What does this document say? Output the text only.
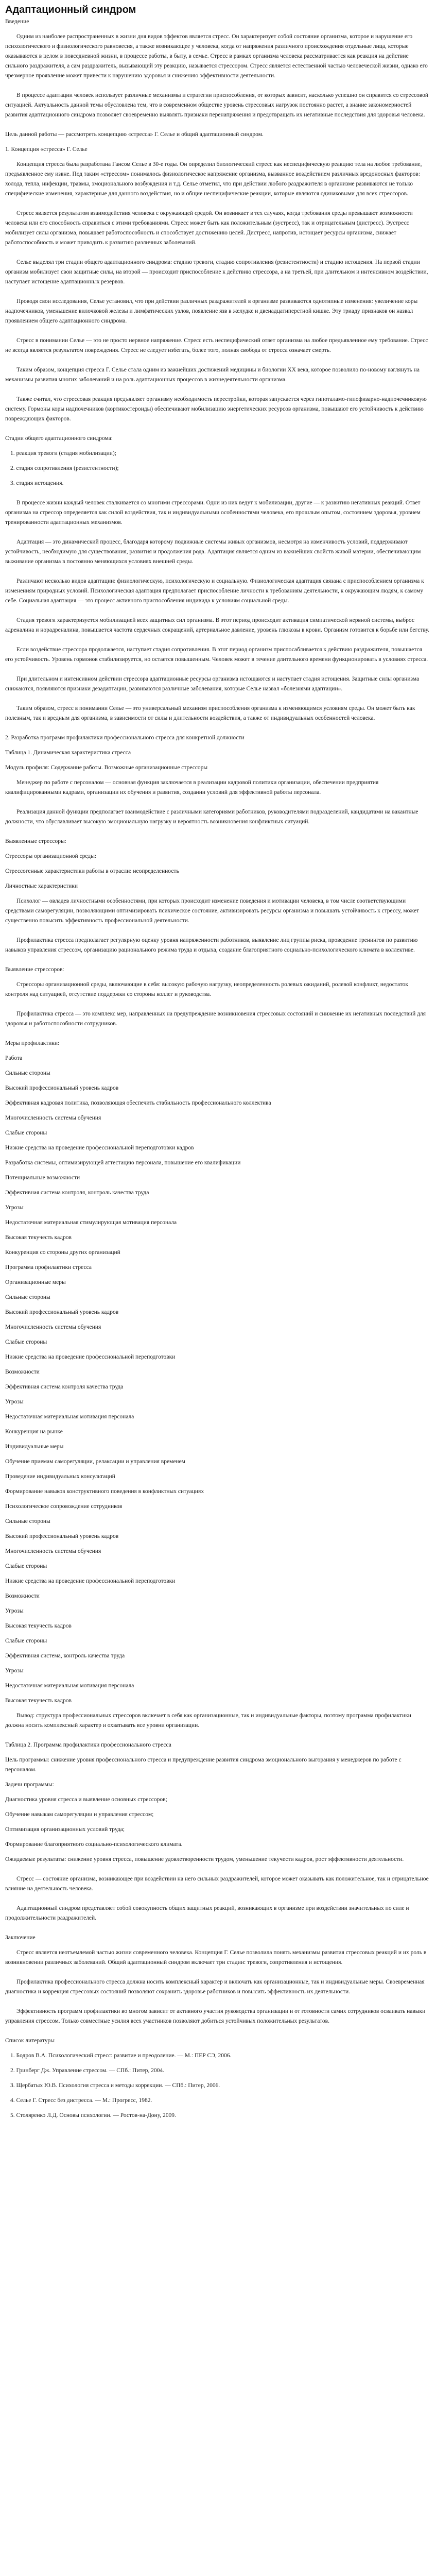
Адаптационный синдром

Введение

Одним из наиболее распространенных в жизни дня видов эффектов является стресс. Он характеризует собой состояние организма, которое и нарушение его психологического и физиологического равновесия, а также возникающее у человека, когда от напряжения различного происхождения отдельные лица, которые оказываются в целом в повседневной жизни, в процессе работы, в быту, в семье. Стресс в рамках организма человека рассматривается как реакция на действие сильного раздражителя, а сам раздражитель, вызывающий эту реакцию, называется стрессором. Стресс является естественной частью человеческой жизни, однако его чрезмерное проявление может привести к нарушению здоровья и снижению эффективности деятельности.

В процессе адаптации человек использует различные механизмы и стратегии приспособления, от которых зависит, насколько успешно он справится со стрессовой ситуацией. Актуальность данной темы обусловлена тем, что в современном обществе уровень стрессовых нагрузок постоянно растет, а знание закономерностей развития адаптационного синдрома позволяет своевременно выявлять признаки перенапряжения и предотвращать их негативные последствия для здоровья человека.

Цель данной работы — рассмотреть концепцию «стресса» Г. Селье и общий адаптационный синдром.

1. Концепция «стресса» Г. Селье

Концепция стресса была разработана Гансом Селье в 30-е годы. Он определил биологический стресс как неспецифическую реакцию тела на любое требование, предъявленное ему извне. Под таким «стрессом» понималось физиологическое напряжение организма, вызванное воздействием различных вредоносных факторов: холода, тепла, инфекции, травмы, эмоционального возбуждения и т.д. Селье отметил, что при действии любого раздражителя в организме развиваются не только специфические изменения, характерные для данного воздействия, но и общие неспецифические реакции, которые являются одинаковыми для всех стрессоров.

Стресс является результатом взаимодействия человека с окружающей средой. Он возникает в тех случаях, когда требования среды превышают возможности человека или его способность справиться с этими требованиями. Стресс может быть как положительным (эустресс), так и отрицательным (дистресс). Эустресс мобилизует силы организма, повышает работоспособность и способствует достижению целей. Дистресс, напротив, истощает ресурсы организма, снижает работоспособность и может приводить к развитию различных заболеваний.

Селье выделял три стадии общего адаптационного синдрома: стадию тревоги, стадию сопротивления (резистентности) и стадию истощения. На первой стадии организм мобилизует свои защитные силы, на второй — происходит приспособление к действию стрессора, а на третьей, при длительном и интенсивном воздействии, наступает истощение адаптационных резервов.

Проводя свои исследования, Селье установил, что при действии различных раздражителей в организме развиваются однотипные изменения: увеличение коры надпочечников, уменьшение вилочковой железы и лимфатических узлов, появление язв в желудке и двенадцатиперстной кишке. Эту триаду признаков он назвал проявлением общего адаптационного синдрома.

Стресс в понимании Селье — это не просто нервное напряжение. Стресс есть неспецифический ответ организма на любое предъявленное ему требование. Стресс не всегда является результатом повреждения. Стресс не следует избегать, более того, полная свобода от стресса означает смерть.

Таким образом, концепция стресса Г. Селье стала одним из важнейших достижений медицины и биологии XX века, которое позволило по-новому взглянуть на механизмы развития многих заболеваний и на роль адаптационных процессов в жизнедеятельности организма.

Также считал, что стрессовая реакция предъявляет организму необходимость перестройки, которая запускается через гипоталамо-гипофизарно-надпочечниковую систему. Гормоны коры надпочечников (кортикостероиды) обеспечивают мобилизацию энергетических ресурсов организма, повышают его устойчивость к действию повреждающих факторов.

Стадии общего адаптационного синдрома:

1. реакция тревоги (стадия мобилизации);

2. стадия сопротивления (резистентности);

3. стадия истощения.

В процессе жизни каждый человек сталкивается со многими стрессорами. Одни из них ведут к мобилизации, другие — к развитию негативных реакций. Ответ организма на стрессор определяется как силой воздействия, так и индивидуальными особенностями человека, его прошлым опытом, состоянием здоровья, уровнем тренированности адаптационных механизмов.

Адаптация — это динамический процесс, благодаря которому подвижные системы живых организмов, несмотря на изменчивость условий, поддерживают устойчивость, необходимую для существования, развития и продолжения рода. Адаптация является одним из важнейших свойств живой материи, обеспечивающим выживание организма в постоянно меняющихся условиях внешней среды.

Различают несколько видов адаптации: физиологическую, психологическую и социальную. Физиологическая адаптация связана с приспособлением организма к изменениям природных условий. Психологическая адаптация предполагает приспособление личности к требованиям деятельности, к окружающим людям, к самому себе. Социальная адаптация — это процесс активного приспособления индивида к условиям социальной среды.

Стадия тревоги характеризуется мобилизацией всех защитных сил организма. В этот период происходит активация симпатической нервной системы, выброс адреналина и норадреналина, повышается частота сердечных сокращений, артериальное давление, уровень глюкозы в крови. Организм готовится к борьбе или бегству.

Если воздействие стрессора продолжается, наступает стадия сопротивления. В этот период организм приспосабливается к действию раздражителя, повышается его устойчивость. Уровень гормонов стабилизируется, но остается повышенным. Человек может в течение длительного времени функционировать в условиях стресса.

При длительном и интенсивном действии стрессора адаптационные ресурсы организма истощаются и наступает стадия истощения. Защитные силы организма снижаются, появляются признаки дезадаптации, развиваются различные заболевания, которые Селье назвал «болезнями адаптации».

Таким образом, стресс в понимании Селье — это универсальный механизм приспособления организма к изменяющимся условиям среды. Он может быть как полезным, так и вредным для организма, в зависимости от силы и длительности воздействия, а также от индивидуальных особенностей человека.

2. Разработка программ профилактики профессионального стресса для конкретной должности

Таблица 1. Динамическая характеристика стресса

Модуль профиля: Содержание работы. Возможные организационные стрессоры

Менеджер по работе с персоналом — основная функция заключается в реализации кадровой политики организации, обеспечении предприятия квалифицированными кадрами, организации их обучения и развития, создании условий для эффективной работы персонала.

Реализация данной функции предполагает взаимодействие с различными категориями работников, руководителями подразделений, кандидатами на вакантные должности, что обуславливает высокую эмоциональную нагрузку и вероятность возникновения конфликтных ситуаций.

Выявленные стрессоры:

Стрессоры организационной среды:

Стрессогенные характеристики работы в отрасли: неопределенность

Личностные характеристики

Психолог — овладев личностными особенностями, при которых происходит изменение поведения и мотивации человека, в том числе соответствующими средствами саморегуляции, позволяющими оптимизировать психическое состояние, активизировать ресурсы организма и повышать устойчивость к стрессу, может существенно повысить эффективность профессиональной деятельности.

Профилактика стресса предполагает регулярную оценку уровня напряженности работников, выявление лиц группы риска, проведение тренингов по развитию навыков управления стрессом, организацию рационального режима труда и отдыха, создание благоприятного социально-психологического климата в коллективе.

Выявление стрессоров:

Стрессоры организационной среды, включающие в себя: высокую рабочую нагрузку, неопределенность ролевых ожиданий, ролевой конфликт, недостаток контроля над ситуацией, отсутствие поддержки со стороны коллег и руководства.

Профилактика стресса — это комплекс мер, направленных на предупреждение возникновения стрессовых состояний и снижение их негативных последствий для здоровья и работоспособности сотрудников.

Меры профилактики:

Работа

Сильные стороны

Высокий профессиональный уровень кадров

Эффективная кадровая политика, позволяющая обеспечить стабильность профессионального коллектива

Многочисленность системы обучения

Слабые стороны

Низкие средства на проведение профессиональной переподготовки кадров

Разработка системы, оптимизирующей аттестацию персонала, повышение его квалификации

Потенциальные возможности

Эффективная система контроля, контроль качества труда

Угрозы

Недостаточная материальная стимулирующая мотивация персонала

Высокая текучесть кадров

Конкуренция со стороны других организаций

Программа профилактики стресса

Организационные меры

Сильные стороны

Высокий профессиональный уровень кадров

Многочисленность системы обучения

Слабые стороны

Низкие средства на проведение профессиональной переподготовки

Возможности

Эффективная система контроля качества труда

Угрозы

Недостаточная материальная мотивация персонала

Конкуренция на рынке

Индивидуальные меры

Обучение приемам саморегуляции, релаксации и управления временем

Проведение индивидуальных консультаций

Формирование навыков конструктивного поведения в конфликтных ситуациях

Психологическое сопровождение сотрудников

Сильные стороны

Высокий профессиональный уровень кадров

Многочисленность системы обучения

Слабые стороны

Низкие средства на проведение профессиональной переподготовки

Возможности

Угрозы

Высокая текучесть кадров

Слабые стороны

Эффективная система, контроль качества труда

Угрозы

Недостаточная материальная мотивация персонала

Высокая текучесть кадров

Вывод: структура профессиональных стрессоров включает в себя как организационные, так и индивидуальные факторы, поэтому программа профилактики должна носить комплексный характер и охватывать все уровни организации.

Таблица 2. Программа профилактики профессионального стресса

Цель программы: снижение уровня профессионального стресса и предупреждение развития синдрома эмоционального выгорания у менеджеров по работе с персоналом.

Задачи программы:

Диагностика уровня стресса и выявление основных стрессоров;

Обучение навыкам саморегуляции и управления стрессом;

Оптимизация организационных условий труда;

Формирование благоприятного социально-психологического климата.

Ожидаемые результаты: снижение уровня стресса, повышение удовлетворенности трудом, уменьшение текучести кадров, рост эффективности деятельности.

Стресс — состояние организма, возникающее при воздействии на него сильных раздражителей, которое может оказывать как положительное, так и отрицательное влияние на деятельность человека.

Адаптационный синдром представляет собой совокупность общих защитных реакций, возникающих в организме при воздействии значительных по силе и продолжительности раздражителей.

Заключение

Стресс является неотъемлемой частью жизни современного человека. Концепция Г. Селье позволила понять механизмы развития стрессовых реакций и их роль в возникновении различных заболеваний. Общий адаптационный синдром включает три стадии: тревоги, сопротивления и истощения.

Профилактика профессионального стресса должна носить комплексный характер и включать как организационные, так и индивидуальные меры. Своевременная диагностика и коррекция стрессовых состояний позволяют сохранить здоровье работников и повысить эффективность их деятельности.

Эффективность программ профилактики во многом зависит от активного участия руководства организации и от готовности самих сотрудников осваивать навыки управления стрессом. Только совместные усилия всех участников позволяют добиться устойчивых положительных результатов.

Список литературы

1. Бодров В.А. Психологический стресс: развитие и преодоление. — М.: ПЕР СЭ, 2006.

2. Гринберг Дж. Управление стрессом. — СПб.: Питер, 2004.

3. Щербатых Ю.В. Психология стресса и методы коррекции. — СПб.: Питер, 2006.

4. Селье Г. Стресс без дистресса. — М.: Прогресс, 1982.

5. Столяренко Л.Д. Основы психологии. — Ростов-на-Дону, 2009.
